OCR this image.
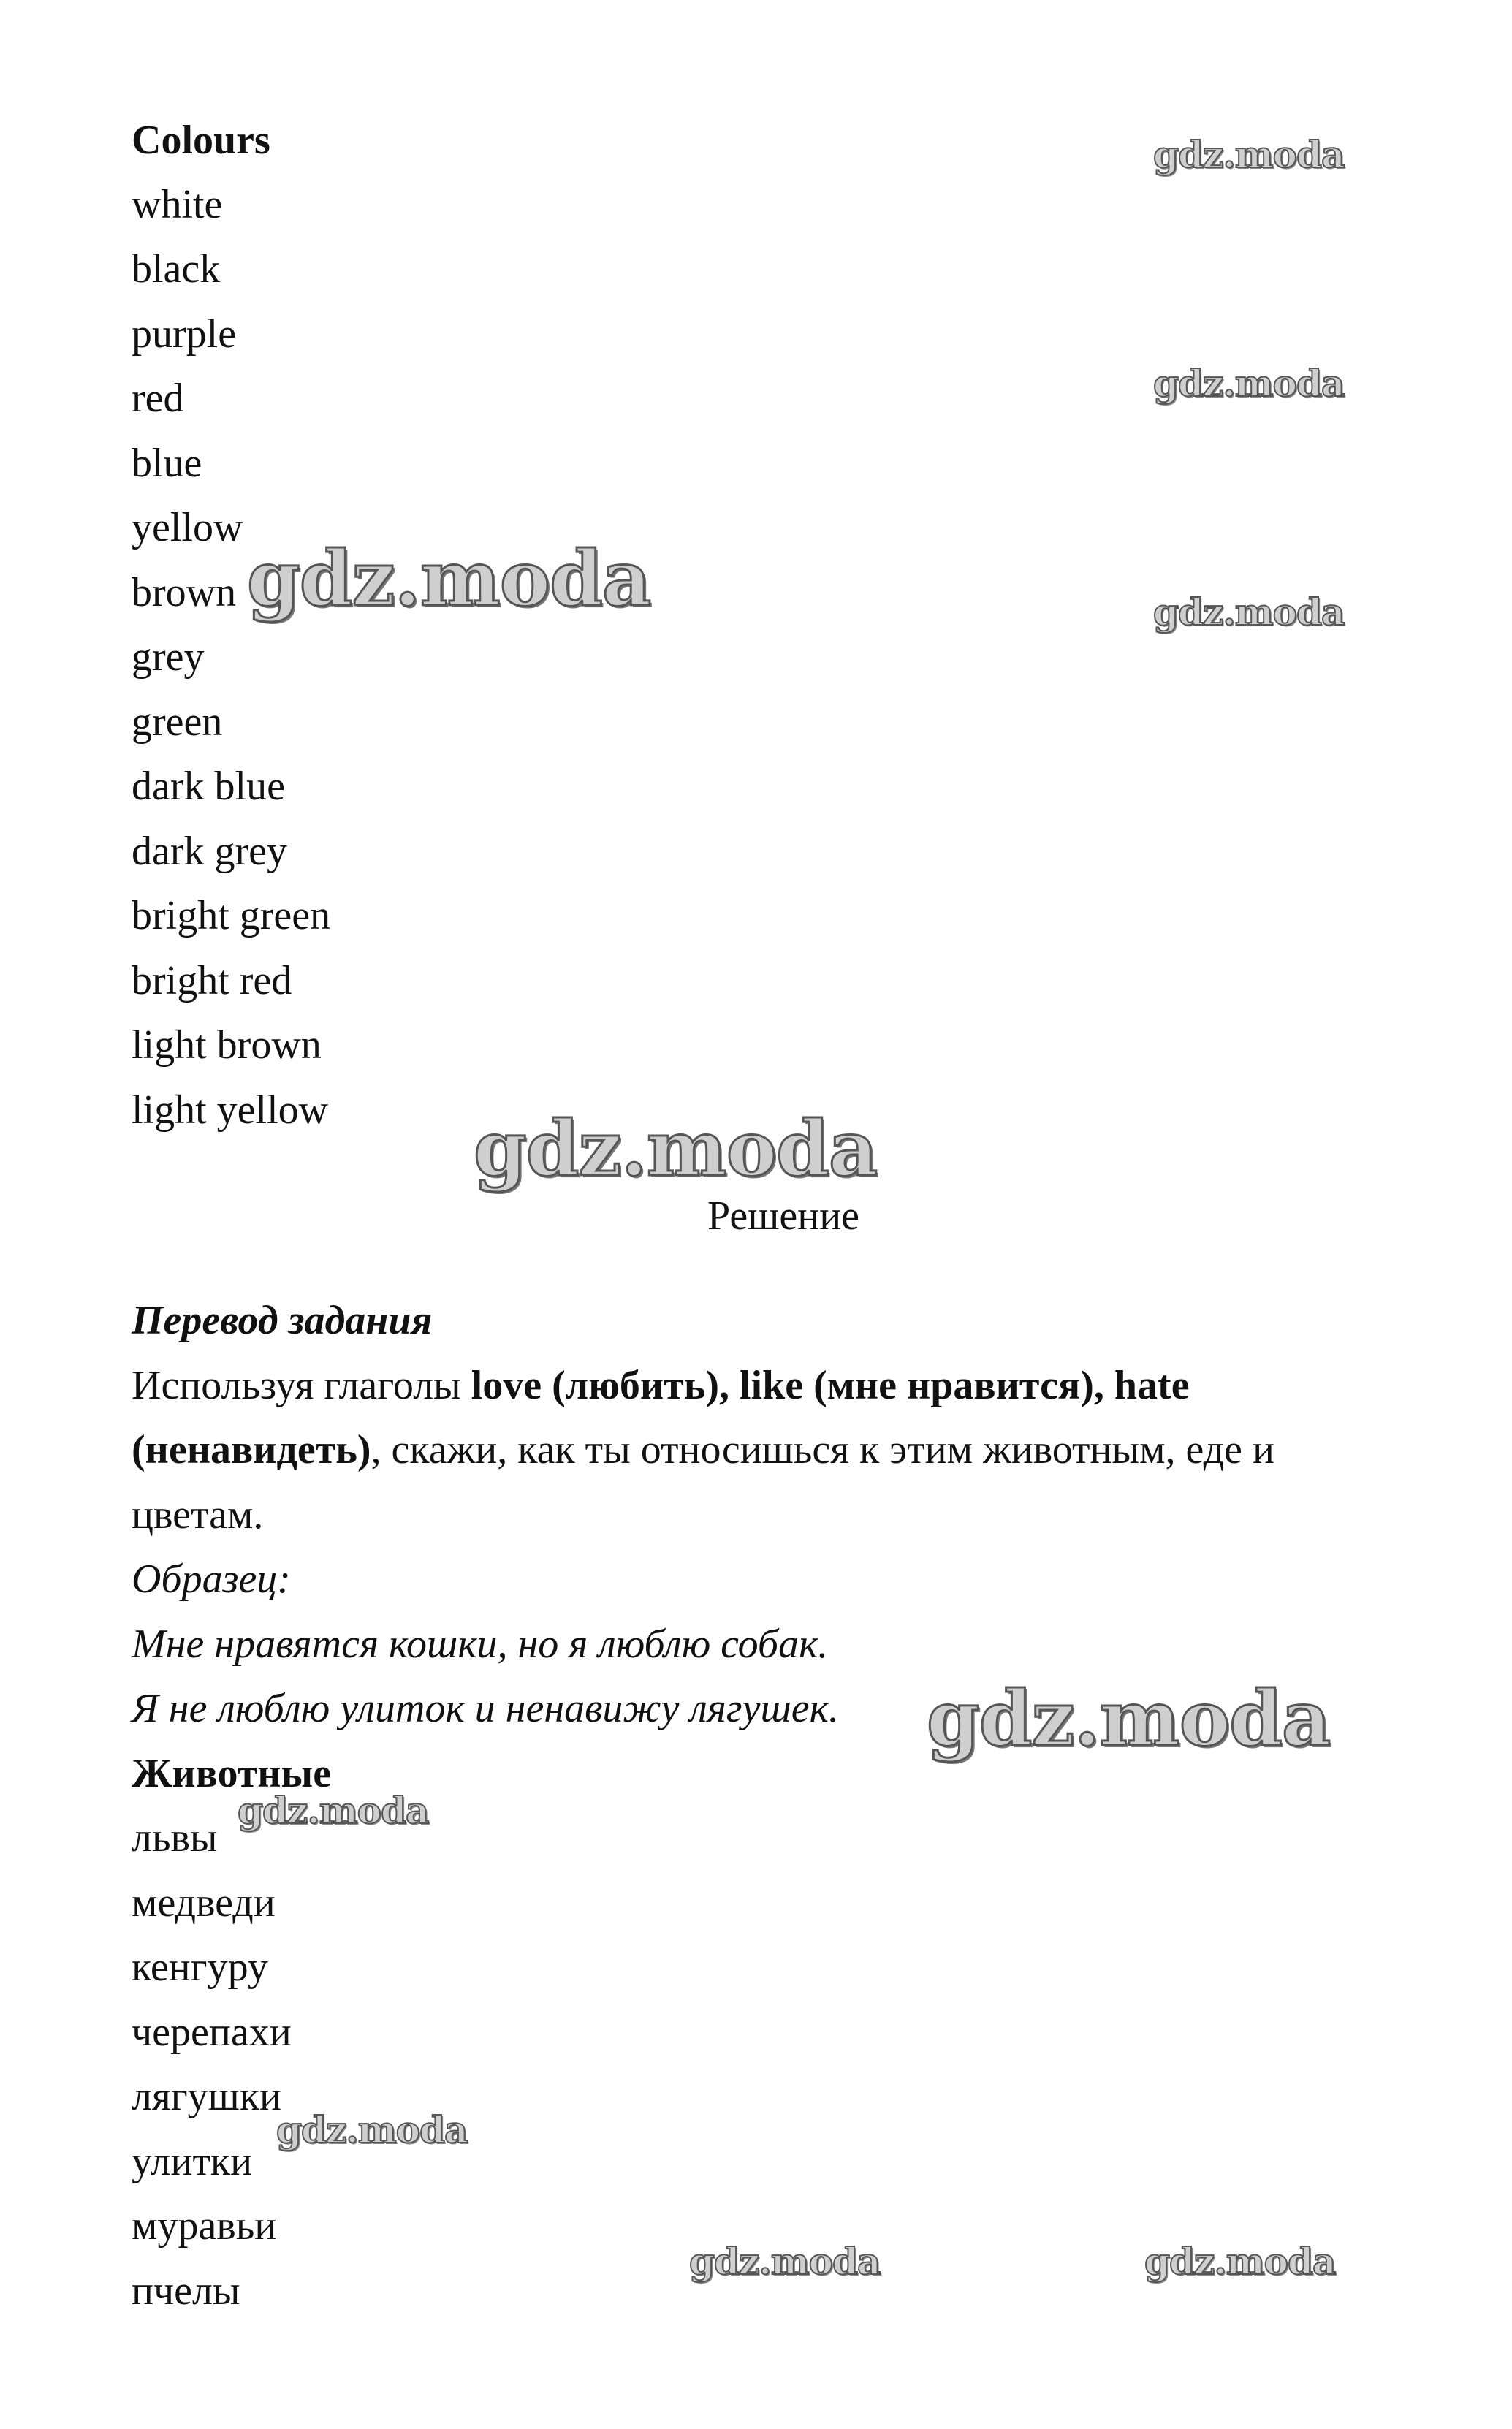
Colours

white

black

purple

red

blue

yellow

brown

grey

green

dark blue

dark grey

bright green

bright red

light brown

light yellow

Решение

Перевод задания

Используя глаголы love (любить), like (мне нравится), hate

(ненавидеть), скажи, как ты относишься к этим животным, еде и

цветам.

Образец:

Мне нравятся кошки, но я люблю собак.

Я не люблю улиток и ненавижу лягушек.

Животные

львы

медведи

кенгуру

черепахи

лягушки

улитки

муравьи

пчелы

gdz.moda
gdz.moda
gdz.moda
gdz.moda
gdz.moda
gdz.moda
gdz.moda
gdz.moda
gdz.moda	gdz.moda
